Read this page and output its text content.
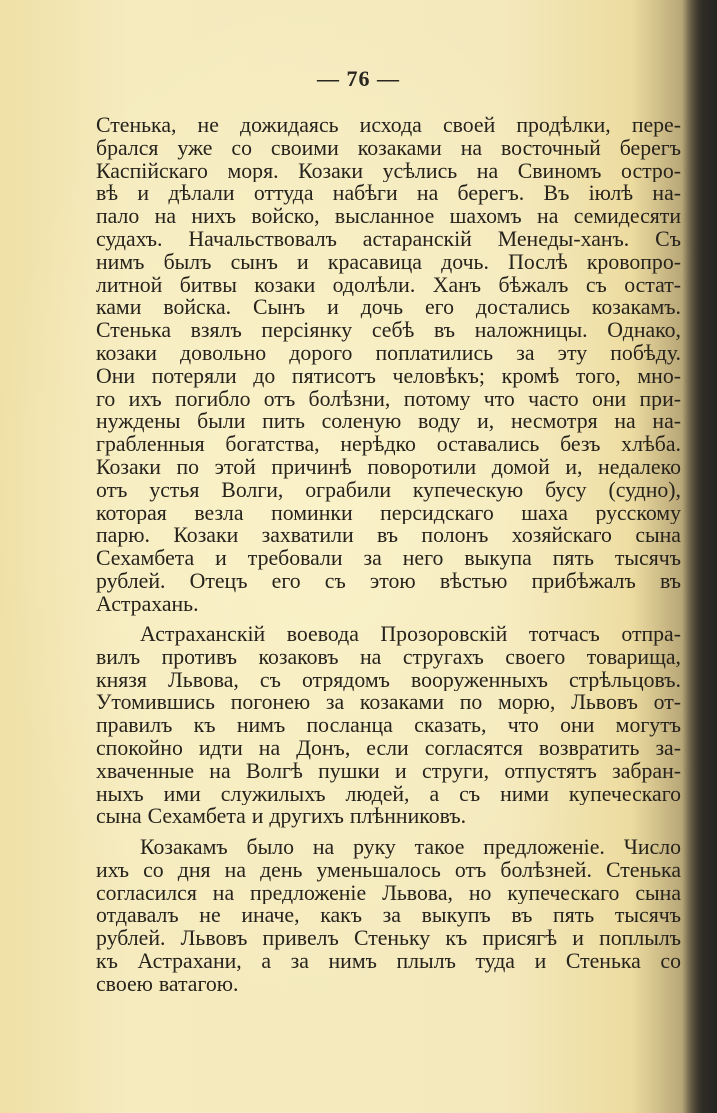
— 76 —
Стенька, не дожидаясь исхода своей продѣлки, пере-
брался уже со своими козаками на восточный берегъ
Каспійскаго моря. Козаки усѣлись на Свиномъ остро-
вѣ и дѣлали оттуда набѣги на берегъ. Въ іюлѣ на-
пало на нихъ войско, высланное шахомъ на семидесяти
судахъ. Начальствовалъ астаранскій Менеды-ханъ. Съ
нимъ былъ сынъ и красавица дочь. Послѣ кровопро-
литной битвы козаки одолѣли. Ханъ бѣжалъ съ остат-
ками войска. Сынъ и дочь его достались козакамъ.
Стенька взялъ персіянку себѣ въ наложницы. Однако,
козаки довольно дорого поплатились за эту побѣду.
Они потеряли до пятисотъ человѣкъ; кромѣ того, мно-
го ихъ погибло отъ болѣзни, потому что часто они при-
нуждены были пить соленую воду и, несмотря на на-
грабленныя богатства, нерѣдко оставались безъ хлѣба.
Козаки по этой причинѣ поворотили домой и, недалеко
отъ устья Волги, ограбили купеческую бусу (судно),
которая везла поминки персидскаго шаха русскому
парю. Козаки захватили въ полонъ хозяйскаго сына
Сехамбета и требовали за него выкупа пять тысячъ
рублей. Отецъ его съ этою вѣстью прибѣжалъ въ
Астрахань.
Астраханскій воевода Прозоровскій тотчасъ отпра-
вилъ противъ козаковъ на стругахъ своего товарища,
князя Львова, съ отрядомъ вооруженныхъ стрѣльцовъ.
Утомившись погонею за козаками по морю, Львовъ от-
правилъ къ нимъ посланца сказать, что они могутъ
спокойно идти на Донъ, если согласятся возвратить за-
хваченные на Волгѣ пушки и струги, отпустятъ забран-
ныхъ ими служилыхъ людей, а съ ними купеческаго
сына Сехамбета и другихъ плѣнниковъ.
Козакамъ было на руку такое предложеніе. Число
ихъ со дня на день уменьшалось отъ болѣзней. Стенька
согласился на предложеніе Львова, но купеческаго сына
отдавалъ не иначе, какъ за выкупъ въ пять тысячъ
рублей. Львовъ привелъ Стеньку къ присягѣ и поплылъ
къ Астрахани, а за нимъ плылъ туда и Стенька со
своею ватагою.
